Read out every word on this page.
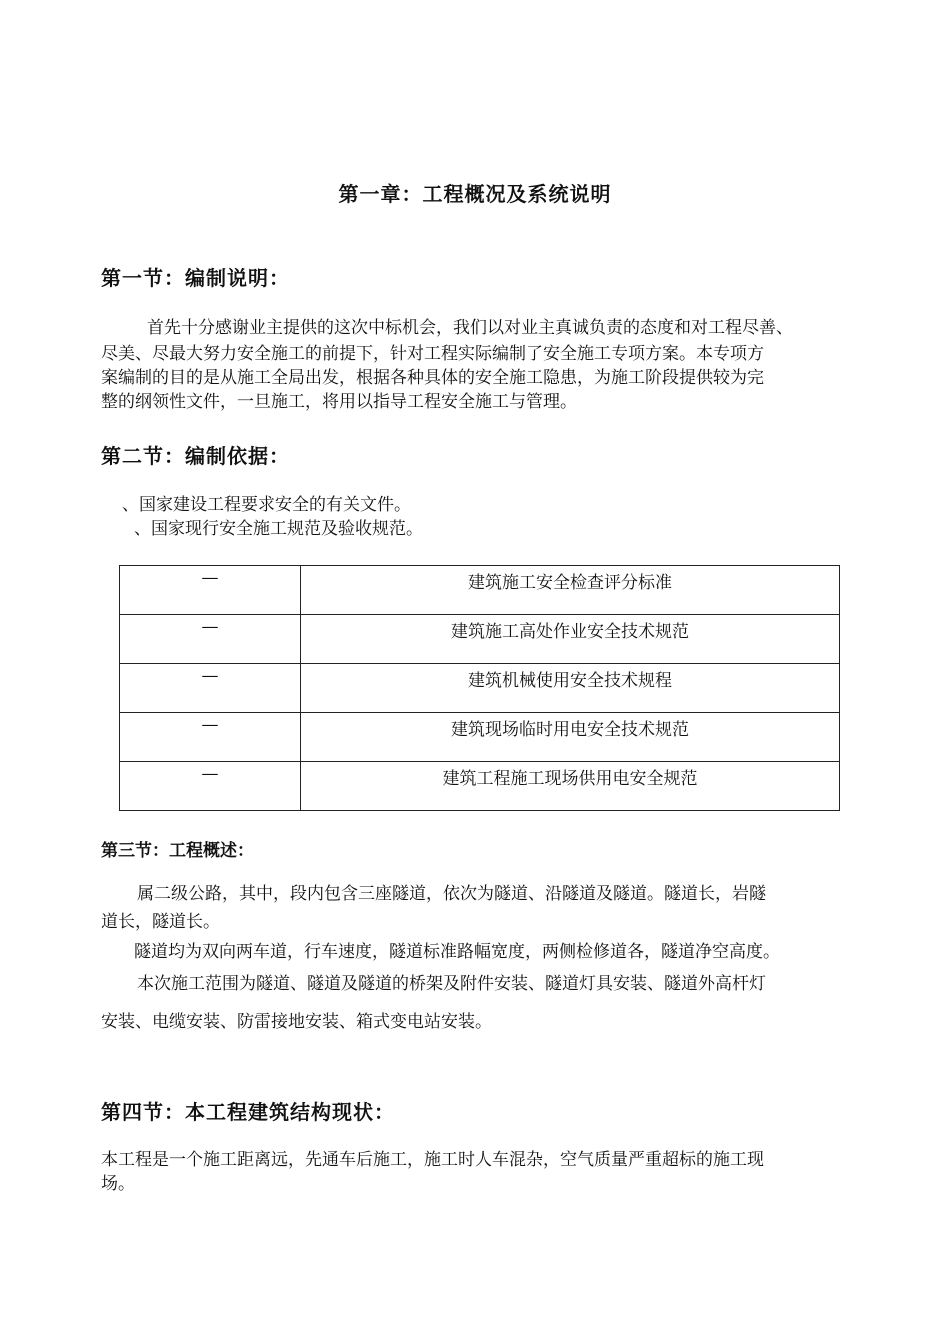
第一章：工程概况及系统说明
第一节：编制说明：
首先十分感谢业主提供的这次中标机会，我们以对业主真诚负责的态度和对工程尽善、
尽美、尽最大努力安全施工的前提下，针对工程实际编制了安全施工专项方案。本专项方
案编制的目的是从施工全局出发，根据各种具体的安全施工隐患，为施工阶段提供较为完
整的纲领性文件，一旦施工，将用以指导工程安全施工与管理。
第二节：编制依据：
、国家建设工程要求安全的有关文件。
、国家现行安全施工规范及验收规范。
—	建筑施工安全检查评分标准
—	建筑施工高处作业安全技术规范
—	建筑机械使用安全技术规程
—	建筑现场临时用电安全技术规范
—	建筑工程施工现场供用电安全规范
第三节：工程概述：
属二级公路，其中，段内包含三座隧道，依次为隧道、沿隧道及隧道。隧道长，岩隧
道长，隧道长。
隧道均为双向两车道，行车速度，隧道标准路幅宽度，两侧检修道各，隧道净空高度。
本次施工范围为隧道、隧道及隧道的桥架及附件安装、隧道灯具安装、隧道外高杆灯
安装、电缆安装、防雷接地安装、箱式变电站安装。
第四节：本工程建筑结构现状：
本工程是一个施工距离远，先通车后施工，施工时人车混杂，空气质量严重超标的施工现
场。
